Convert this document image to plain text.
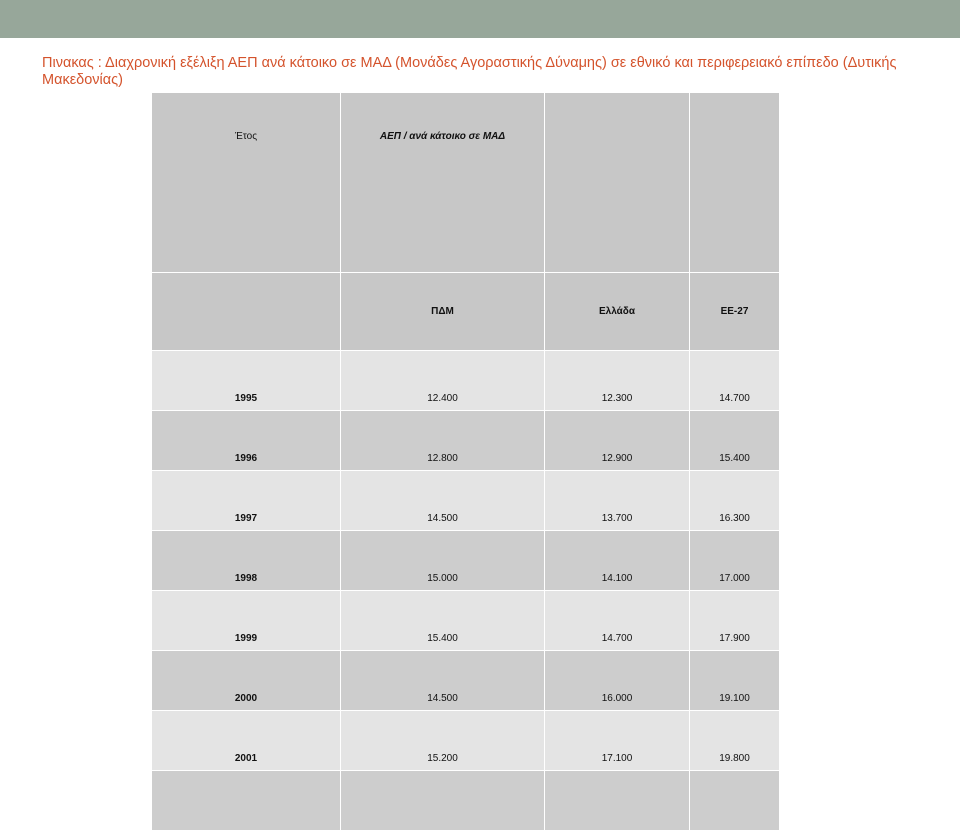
Πινακας : Διαχρονική εξέλιξη ΑΕΠ ανά κάτοικο σε ΜΑΔ (Μονάδες Αγοραστικής Δύναμης) σε εθνικό και περιφερειακό επίπεδο (Δυτικής Μακεδονίας)

Έτος	ΑΕΠ / ανά κάτοικο σε ΜΑΔ		
	ΠΔΜ	Ελλάδα	ΕΕ-27
1995	12.400	12.300	14.700
1996	12.800	12.900	15.400
1997	14.500	13.700	16.300
1998	15.000	14.100	17.000
1999	15.400	14.700	17.900
2000	14.500	16.000	19.100
2001	15.200	17.100	19.800
